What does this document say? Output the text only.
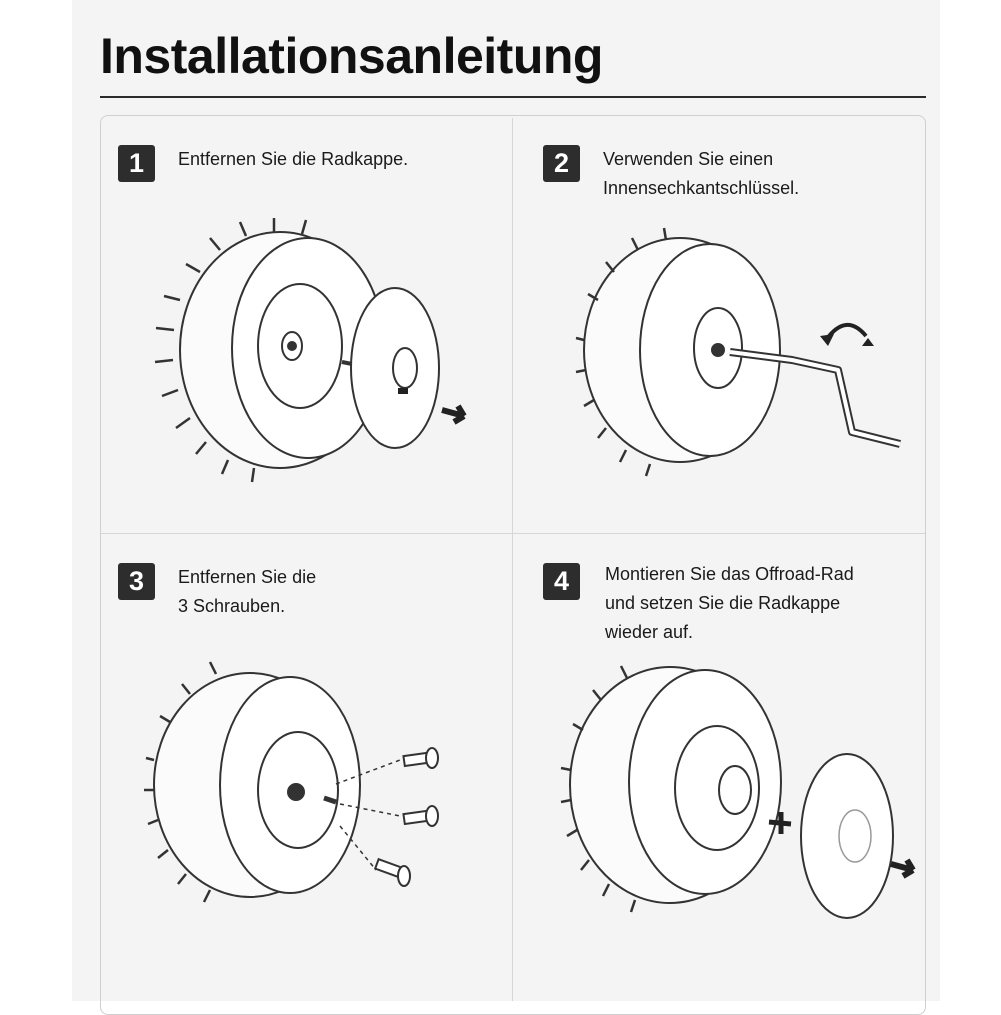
Installationsanleitung
1	Entfernen Sie die Radkappe.	2	Verwenden Sie einen
Innensechkantschlüssel.
3	Entfernen Sie die
3 Schrauben.
4	Montieren Sie das Offroad-Rad
und setzen Sie die Radkappe
wieder auf.
